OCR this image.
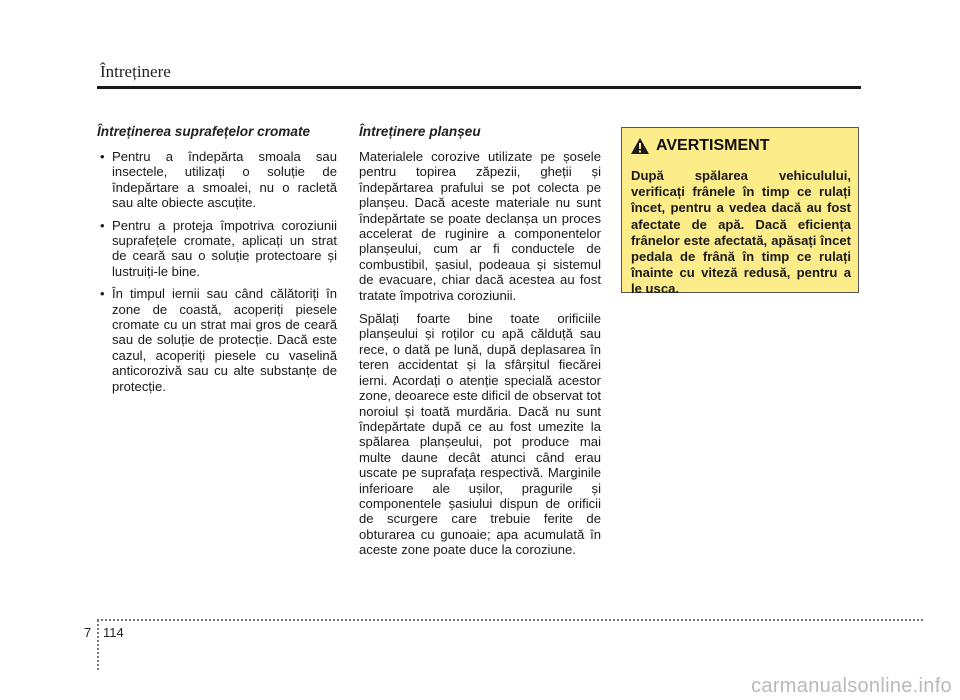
Întreținere
Întreținerea suprafețelor cromate
• Pentru a îndepărta smoala sau insectele, utilizați o soluție de îndepărtare a smoalei, nu o racletă sau alte obiecte ascuțite.
• Pentru a proteja împotriva coroziunii suprafețele cromate, aplicați un strat de ceară sau o soluție protectoare și lustruiți-le bine.
• În timpul iernii sau când călătoriți în zone de coastă, acoperiți piesele cromate cu un strat mai gros de ceară sau de soluție de protecție. Dacă este cazul, acoperiți piesele cu vaselină anticorozivă sau cu alte substanțe de protecție.
Întreținere planșeu

Materialele corozive utilizate pe șosele pentru topirea zăpezii, gheții și îndepărtarea prafului se pot colecta pe planșeu. Dacă aceste materiale nu sunt îndepărtate se poate declanșa un proces accelerat de ruginire a componentelor planșeului, cum ar fi conductele de combustibil, șasiul, podeaua și sistemul de evacuare, chiar dacă acestea au fost tratate împotriva coroziunii.

Spălați foarte bine toate orificiile planșeului și roților cu apă călduță sau rece, o dată pe lună, după deplasarea în teren accidentat și la sfârșitul fiecărei ierni. Acordați o atenție specială acestor zone, deoarece este dificil de observat tot noroiul și toată murdăria. Dacă nu sunt îndepărtate după ce au fost umezite la spălarea planșeului, pot produce mai multe daune decât atunci când erau uscate pe suprafața respectivă. Marginile inferioare ale ușilor, pragurile și componentele șasiului dispun de orificii de scurgere care trebuie ferite de obturarea cu gunoaie; apa acumulată în aceste zone poate duce la coroziune.

AVERTISMENT
După spălarea vehiculului, verificați frânele în timp ce rulați încet, pentru a vedea dacă au fost afectate de apă. Dacă eficiența frânelor este afectată, apăsați încet pedala de frână în timp ce rulați înainte cu viteză redusă, pentru a le usca.
7 114
carmanualsonline.info
